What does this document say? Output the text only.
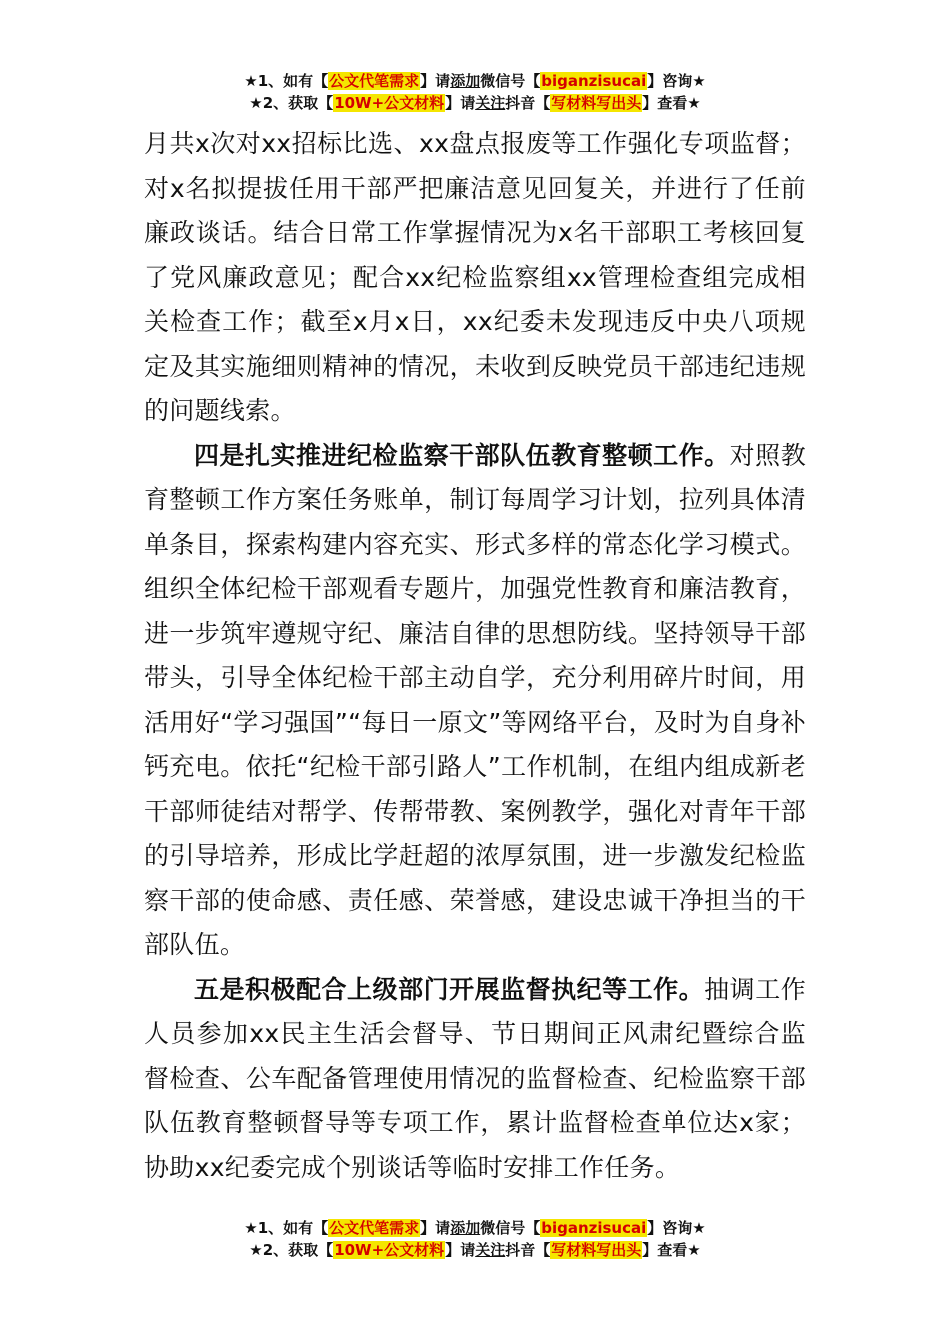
★1、如有【公文代笔需求】请添加微信号【biganzisucai】咨询★
★2、获取【10W+公文材料】请关注抖音【写材料写出头】查看★

月共x次对xx招标比选、xx盘点报废等工作强化专项监督；对x名拟提拔任用干部严把廉洁意见回复关，并进行了任前廉政谈话。结合日常工作掌握情况为x名干部职工考核回复了党风廉政意见；配合xx纪检监察组xx管理检查组完成相关检查工作；截至x月x日，xx纪委未发现违反中央八项规定及其实施细则精神的情况，未收到反映党员干部违纪违规的问题线索。

四是扎实推进纪检监察干部队伍教育整顿工作。对照教育整顿工作方案任务账单，制订每周学习计划，拉列具体清单条目，探索构建内容充实、形式多样的常态化学习模式。组织全体纪检干部观看专题片，加强党性教育和廉洁教育，进一步筑牢遵规守纪、廉洁自律的思想防线。坚持领导干部带头，引导全体纪检干部主动自学，充分利用碎片时间，用活用好“学习强国”“每日一原文”等网络平台，及时为自身补钙充电。依托“纪检干部引路人”工作机制，在组内组成新老干部师徒结对帮学、传帮带教、案例教学，强化对青年干部的引导培养，形成比学赶超的浓厚氛围，进一步激发纪检监察干部的使命感、责任感、荣誉感，建设忠诚干净担当的干部队伍。

五是积极配合上级部门开展监督执纪等工作。抽调工作人员参加xx民主生活会督导、节日期间正风肃纪暨综合监督检查、公车配备管理使用情况的监督检查、纪检监察干部队伍教育整顿督导等专项工作，累计监督检查单位达x家；协助xx纪委完成个别谈话等临时安排工作任务。

★1、如有【公文代笔需求】请添加微信号【biganzisucai】咨询★
★2、获取【10W+公文材料】请关注抖音【写材料写出头】查看★
